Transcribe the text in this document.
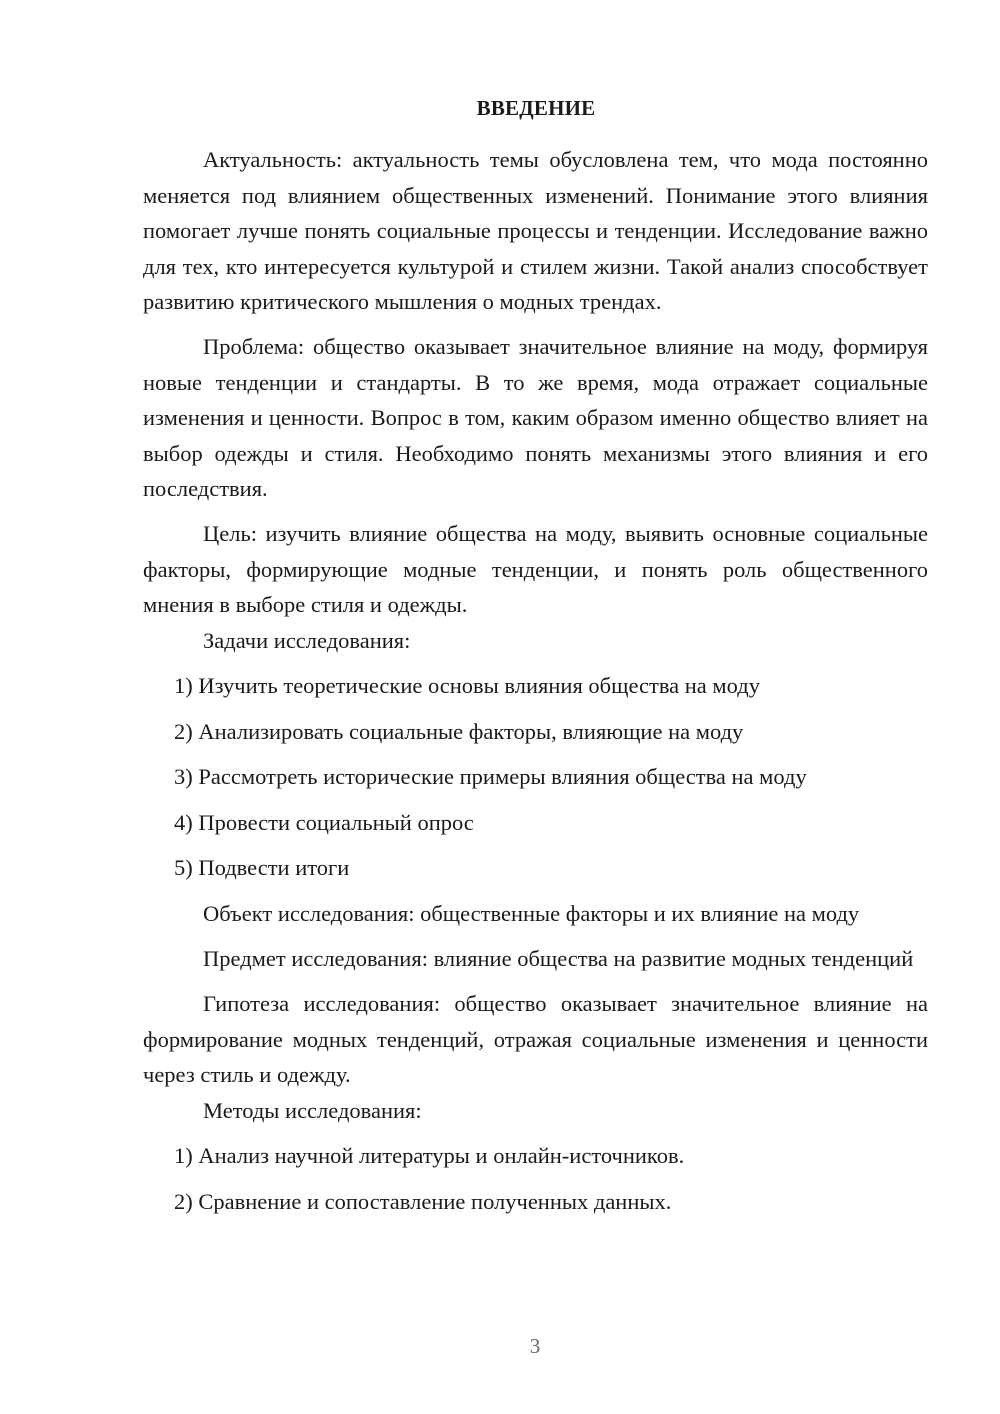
ВВЕДЕНИЕ

Актуальность: актуальность темы обусловлена тем, что мода постоянно меняется под влиянием общественных изменений. Понимание этого влияния помогает лучше понять социальные процессы и тенденции. Исследование важно для тех, кто интересуется культурой и стилем жизни. Такой анализ способствует развитию критического мышления о модных трендах.

Проблема: общество оказывает значительное влияние на моду, формируя новые тенденции и стандарты. В то же время, мода отражает социальные изменения и ценности. Вопрос в том, каким образом именно общество влияет на выбор одежды и стиля. Необходимо понять механизмы этого влияния и его последствия.

Цель: изучить влияние общества на моду, выявить основные социальные факторы, формирующие модные тенденции, и понять роль общественного мнения в выборе стиля и одежды.

Задачи исследования:

1) Изучить теоретические основы влияния общества на моду

2) Анализировать социальные факторы, влияющие на моду

3) Рассмотреть исторические примеры влияния общества на моду

4) Провести социальный опрос

5) Подвести итоги

Объект исследования: общественные факторы и их влияние на моду

Предмет исследования: влияние общества на развитие модных тенденций

Гипотеза исследования: общество оказывает значительное влияние на формирование модных тенденций, отражая социальные изменения и ценности через стиль и одежду.

Методы исследования:

1) Анализ научной литературы и онлайн-источников.

2) Сравнение и сопоставление полученных данных.

3
